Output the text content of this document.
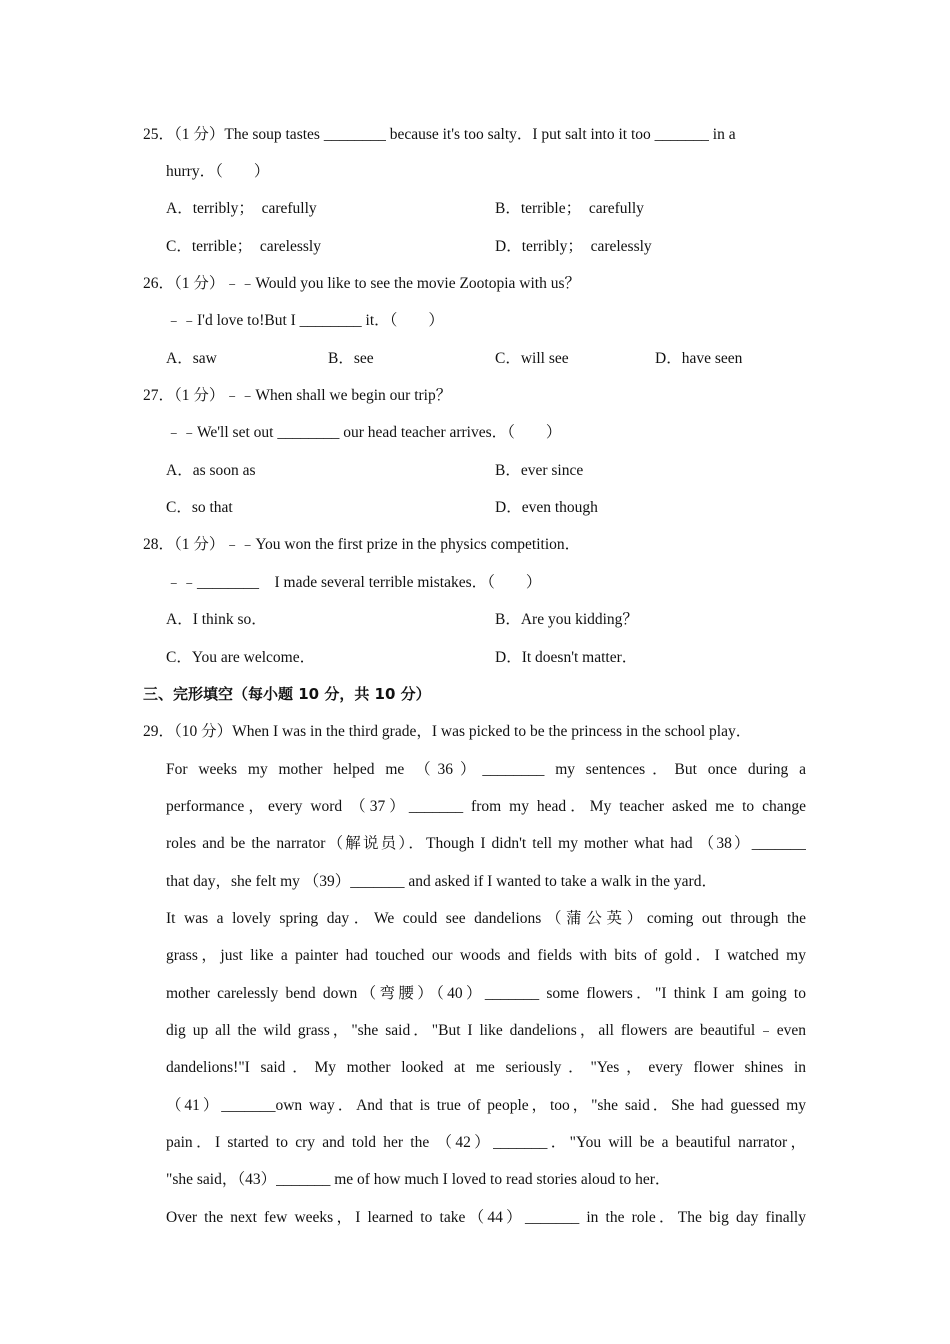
25．（1 分）The soup tastes ________ because it's too salty．I put salt into it too _______ in a
hurry．（　　）
A．terribly；　carefully	B．terrible；　carefully
C．terrible；　carelessly	D．terribly；　carelessly
26．（1 分）﹣﹣Would you like to see the movie Zootopia with us？
﹣﹣I'd love to!But I ________ it．（　　）
A．saw	B．see	C．will see	D．have seen
27．（1 分）﹣﹣When shall we begin our trip？
﹣﹣We'll set out ________ our head teacher arrives．（　　）
A．as soon as	B．ever since
C．so that	D．even though
28．（1 分）﹣﹣You won the first prize in the physics competition．
﹣﹣________　I made several terrible mistakes．（　　）
A．I think so．	B．Are you kidding？
C．You are welcome．	D．It doesn't matter．
三、完形填空（每小题 10 分，共 10 分）
29．（10 分）When I was in the third grade，I was picked to be the princess in the school play．
For weeks my mother helped me （36）________ my sentences．But once during a
performance，every word （37）_______ from my head．My teacher asked me to change
roles and be the narrator（解说员）．Though I didn't tell my mother what had （38）_______
that day，she felt my （39）_______ and asked if I wanted to take a walk in the yard．
It was a lovely spring day．We could see dandelions（蒲公英）coming out through the
grass，just like a painter had touched our woods and fields with bits of gold．I watched my
mother carelessly bend down（弯腰）（40）_______ some flowers．"I think I am going to
dig up all the wild grass，"she said．"But I like dandelions，all flowers are beautiful﹣even
dandelions!"I said．My mother looked at me seriously．"Yes，every flower shines in
（41）_______own way．And that is true of people，too，"she said．She had guessed my
pain．I started to cry and told her the （42）_______．"You will be a beautiful narrator，
"she said，（43）_______ me of how much I loved to read stories aloud to her．
Over the next few weeks，I learned to take（44）_______ in the role．The big day finally
